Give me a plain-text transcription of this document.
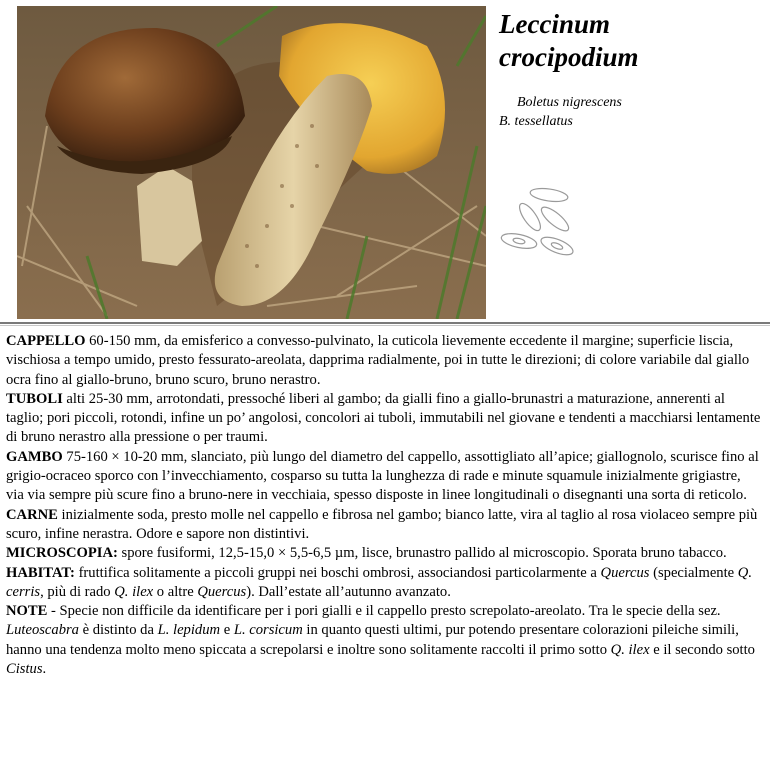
Leccinum
crocipodium
Boletus nigrescens
B. tessellatus

CAPPELLO 60-150 mm, da emisferico a convesso-pulvinato, la cuticola lievemente eccedente il margine; superficie liscia, vischiosa a tempo umido, presto fessurato-areolata, dapprima radialmente, poi in tutte le direzioni; di colore variabile dal giallo ocra fino al giallo-bruno, bruno scuro, bruno nerastro.

TUBOLI alti 25-30 mm, arrotondati, pressoché liberi al gambo; da gialli fino a giallo-brunastri a maturazione, annerenti al taglio; pori piccoli, rotondi, infine un po’ angolosi, concolori ai tuboli, immutabili nel giovane e tendenti a macchiarsi lentamente di bruno nerastro alla pressione o per traumi.

GAMBO 75-160 × 10-20 mm, slanciato, più lungo del diametro del cappello, assottigliato all’apice; giallognolo, scurisce fino al grigio-ocraceo sporco con l’invecchiamento, cosparso su tutta la lunghezza di rade e minute squamule inizialmente grigiastre, via via sempre più scure fino a bruno-nere in vecchiaia, spesso disposte in linee longitudinali o disegnanti una sorta di reticolo.

CARNE inizialmente soda, presto molle nel cappello e fibrosa nel gambo; bianco latte, vira al taglio al rosa violaceo sempre più scuro, infine nerastra. Odore e sapore non distintivi.

MICROSCOPIA: spore fusiformi, 12,5-15,0 × 5,5-6,5 µm, lisce, brunastro pallido al microscopio. Sporata bruno tabacco.

HABITAT: fruttifica solitamente a piccoli gruppi nei boschi ombrosi, associandosi particolarmente a Quercus (specialmente Q. cerris, più di rado Q. ilex o altre Quercus). Dall’estate all’autunno avanzato.

NOTE - Specie non difficile da identificare per i pori gialli e il cappello presto screpolato-areolato. Tra le specie della sez. Luteoscabra è distinto da L. lepidum e L. corsicum in quanto questi ultimi, pur potendo presentare colorazioni pileiche simili, hanno una tendenza molto meno spiccata a screpolarsi e inoltre sono solitamente raccolti il primo sotto Q. ilex e il secondo sotto Cistus.
